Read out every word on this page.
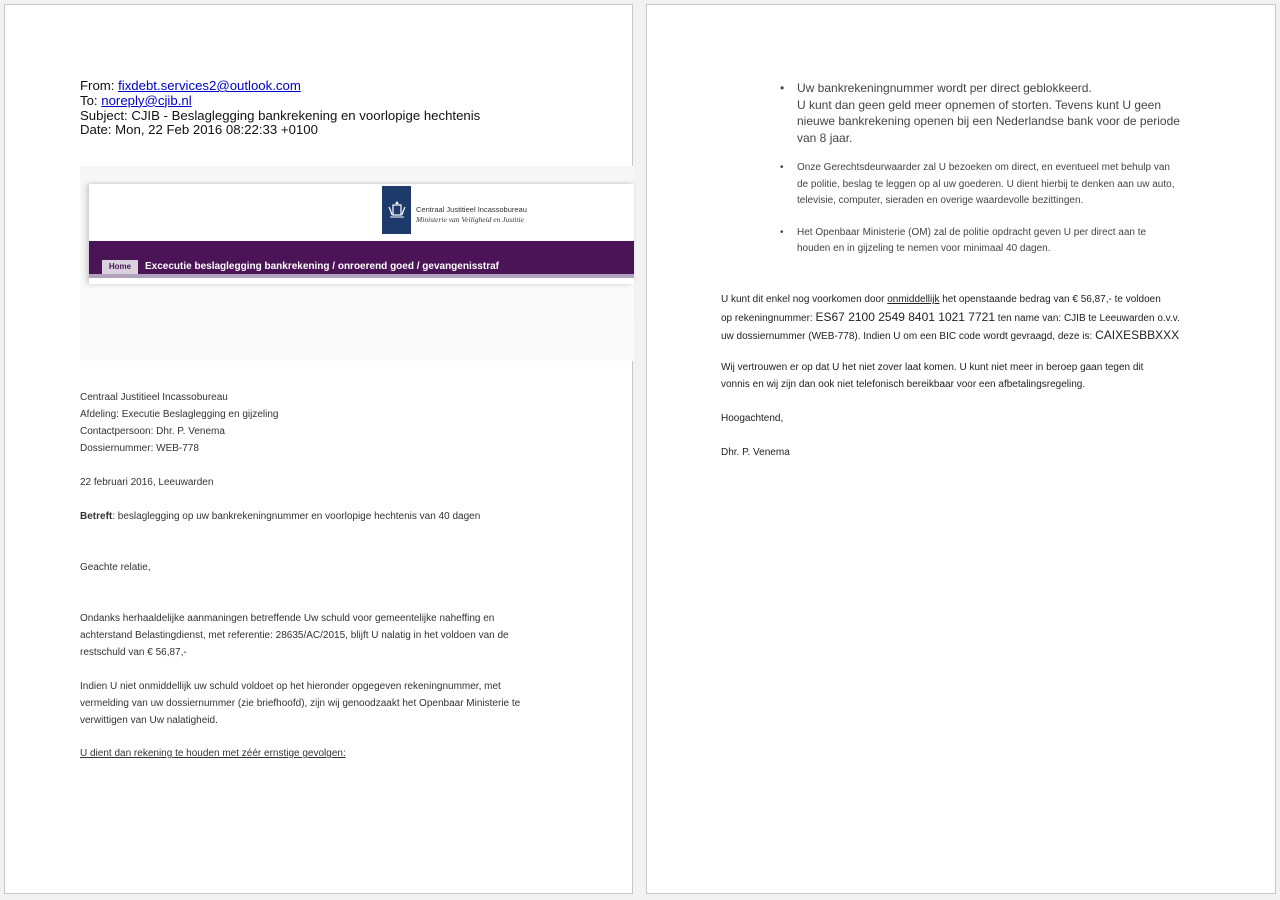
From: fixdebt.services2@outlook.com
To: noreply@cjib.nl
Subject: CJIB - Beslaglegging bankrekening en voorlopige hechtenis
Date: Mon, 22 Feb 2016 08:22:33 +0100
Centraal Justitieel Incassobureau
Ministerie van Veiligheid en Justitie
Home	Excecutie beslaglegging bankrekening / onroerend goed / gevangenisstraf

Centraal Justitieel Incassobureau

Afdeling: Executie Beslaglegging en gijzeling

Contactpersoon: Dhr. P. Venema

Dossiernummer: WEB-778

22 februari 2016, Leeuwarden
Betreft: beslaglegging op uw bankrekeningnummer en voorlopige hechtenis van 40 dagen
Geachte relatie,

Ondanks herhaaldelijke aanmaningen betreffende Uw schuld voor gemeentelijke naheffing en

achterstand Belastingdienst, met referentie: 28635/AC/2015, blijft U nalatig in het voldoen van de

restschuld van € 56,87,-

Indien U niet onmiddellijk uw schuld voldoet op het hieronder opgegeven rekeningnummer, met

vermelding van uw dossiernummer (zie briefhoofd), zijn wij genoodzaakt het Openbaar Ministerie te

verwittigen van Uw nalatigheid.

U dient dan rekening te houden met zéér ernstige gevolgen:
• Uw bankrekeningnummer wordt per direct geblokkeerd.
U kunt dan geen geld meer opnemen of storten. Tevens kunt U geen
nieuwe bankrekening openen bij een Nederlandse bank voor de periode
van 8 jaar.
• Onze Gerechtsdeurwaarder zal U bezoeken om direct, en eventueel met behulp van
de politie, beslag te leggen op al uw goederen. U dient hierbij te denken aan uw auto,
televisie, computer, sieraden en overige waardevolle bezittingen.
• Het Openbaar Ministerie (OM) zal de politie opdracht geven U per direct aan te
houden en in gijzeling te nemen voor minimaal 40 dagen.
U kunt dit enkel nog voorkomen door onmiddellijk het openstaande bedrag van € 56,87,- te voldoen
op rekeningnummer: ES67 2100 2549 8401 1021 7721 ten name van: CJIB te Leeuwarden o.v.v.
uw dossiernummer (WEB-778). Indien U om een BIC code wordt gevraagd, deze is: CAIXESBBXXX
Wij vertrouwen er op dat U het niet zover laat komen. U kunt niet meer in beroep gaan tegen dit
vonnis en wij zijn dan ook niet telefonisch bereikbaar voor een afbetalingsregeling.
Hoogachtend,
Dhr. P. Venema
